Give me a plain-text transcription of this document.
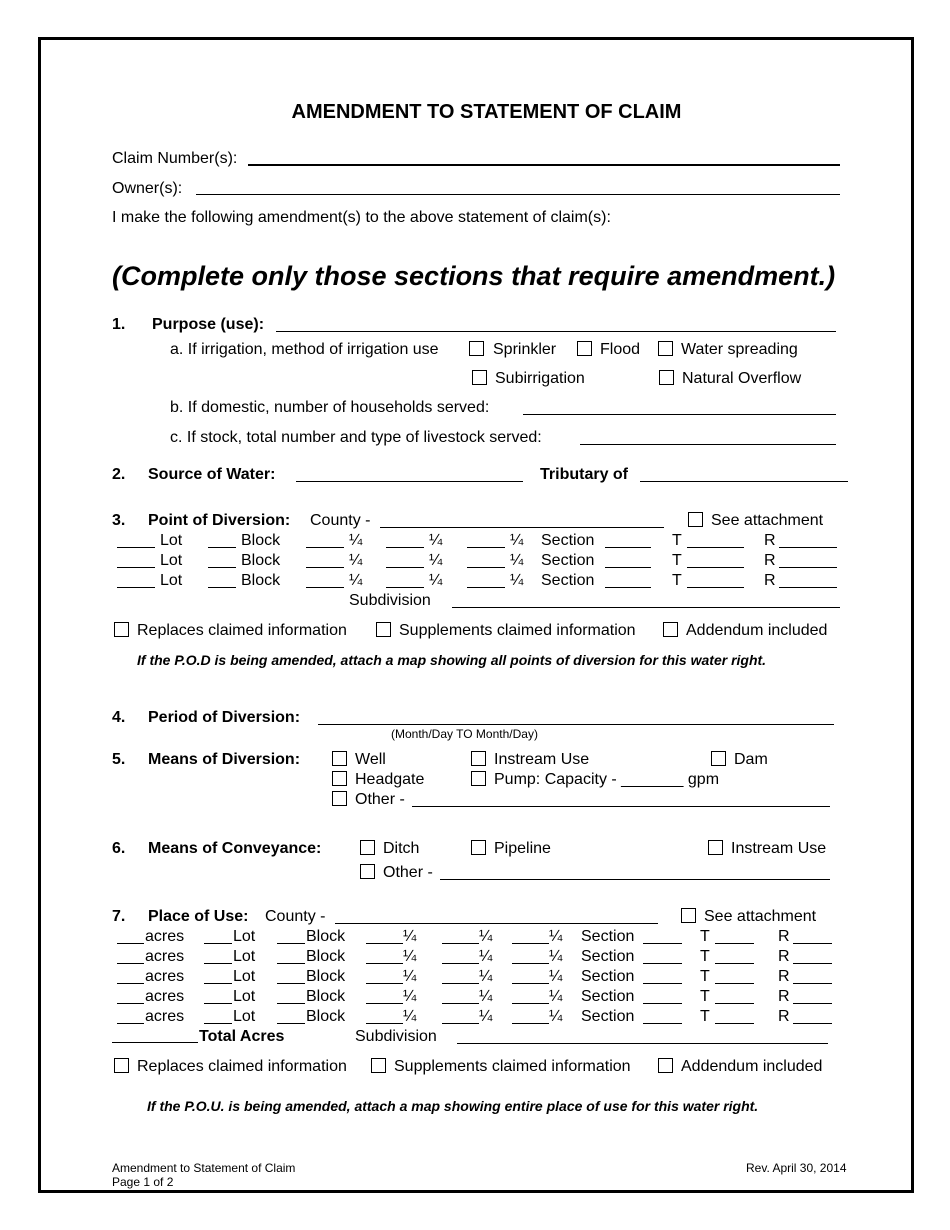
AMENDMENT TO STATEMENT OF CLAIM
Claim Number(s):
Owner(s):
I make the following amendment(s) to the above statement of claim(s):
(Complete only those sections that require amendment.)
1. Purpose (use):
a. If irrigation, method of irrigation use	Sprinkler	Flood	Water spreading
Subirrigation	Natural Overflow
b. If domestic, number of households served:
c. If stock, total number and type of livestock served:
2. Source of Water:	Tributary of
3. Point of Diversion: County -	See attachment
Lot	Block	¼	¼	¼ Section	T	R
Lot	Block	¼	¼	¼ Section	T	R
Lot	Block	¼	¼	¼ Section	T	R
Subdivision
Replaces claimed information	Supplements claimed information	Addendum included
If the P.O.D is being amended, attach a map showing all points of diversion for this water right.
4. Period of Diversion:
(Month/Day TO Month/Day)
5. Means of Diversion:	Well	Instream Use	Dam
Headgate	Pump: Capacity - _______ gpm
Other -
6. Means of Conveyance:	Ditch	Pipeline	Instream Use
Other -
7. Place of Use: County -	See attachment
acres	Lot	Block	¼	¼	¼ Section	T	R
acres	Lot	Block	¼	¼	¼ Section	T	R
acres	Lot	Block	¼	¼	¼ Section	T	R
acres	Lot	Block	¼	¼	¼ Section	T	R
acres	Lot	Block	¼	¼	¼ Section	T	R
Total Acres	Subdivision
Replaces claimed information	Supplements claimed information	Addendum included
If the P.O.U. is being amended, attach a map showing entire place of use for this water right.
Amendment to Statement of Claim
Page 1 of 2
Rev. April 30, 2014
